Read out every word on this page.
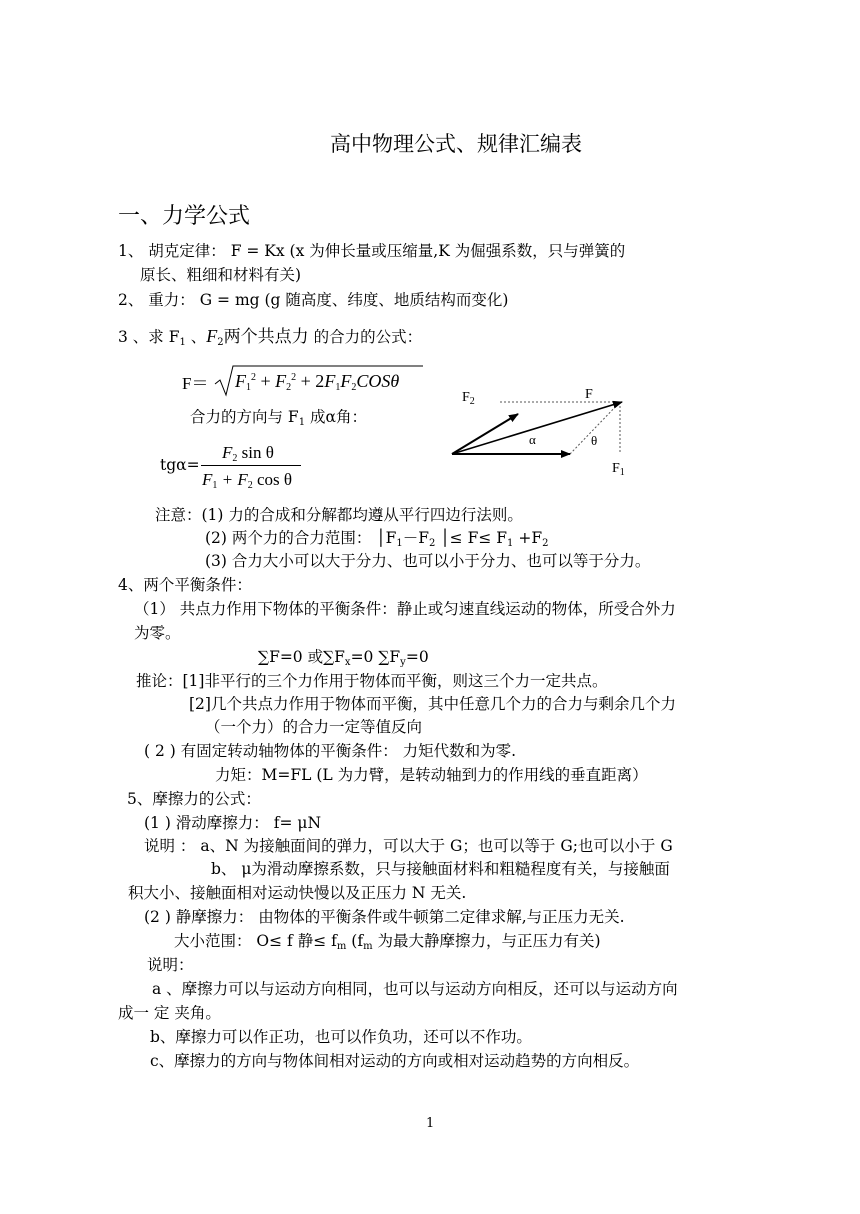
高中物理公式、规律汇编表
一、力学公式
1、 胡克定律： F = Kx (x 为伸长量或压缩量,K 为倔强系数，只与弹簧的
原长、粗细和材料有关)
2、 重力： G = mg (g 随高度、纬度、地质结构而变化)
3 、求 $F_1$ 、$F_2$两个共点力 的合力的公式：
$F= F_1^2 + F_2^2 + 2F_1F_2COS\theta$
合力的方向与 $F_1$ 成α角：
tgα=
$F_2$ sin θ
$F_1 + F_2$ cos θ
$F_2$	F
α	θ
$F_1$
注意：(1) 力的合成和分解都均遵从平行四边行法则。
(2) 两个力的合力范围： $│F_1-F_2$ │≤ $F\le F_1 +F_2$
(3) 合力大小可以大于分力、也可以小于分力、也可以等于分力。
4、两个平衡条件：
（1） 共点力作用下物体的平衡条件：静止或匀速直线运动的物体，所受合外力
为零。
∑F=0 或$\sum F_x=0$ $\sum F_y=0$
推论：[1]非平行的三个力作用于物体而平衡，则这三个力一定共点。
[2]几个共点力作用于物体而平衡，其中任意几个力的合力与剩余几个力
（一个力）的合力一定等值反向
( 2 ) 有固定转动轴物体的平衡条件： 力矩代数和为零.
力矩：M=FL (L 为力臂，是转动轴到力的作用线的垂直距离）
5、摩擦力的公式：
(1 ) 滑动摩擦力： f= μN
说明 ： a、N 为接触面间的弹力，可以大于 G；也可以等于 G;也可以小于 G
b、 μ为滑动摩擦系数，只与接触面材料和粗糙程度有关，与接触面
积大小、接触面相对运动快慢以及正压力 N 无关.
(2 ) 静摩擦力： 由物体的平衡条件或牛顿第二定律求解,与正压力无关.
大小范围： O≤ f 静≤ $f_m$ ($f_m$ 为最大静摩擦力，与正压力有关)
说明：
a 、摩擦力可以与运动方向相同，也可以与运动方向相反，还可以与运动方向
成一 定 夹角。
b、摩擦力可以作正功，也可以作负功，还可以不作功。
c、摩擦力的方向与物体间相对运动的方向或相对运动趋势的方向相反。
1
